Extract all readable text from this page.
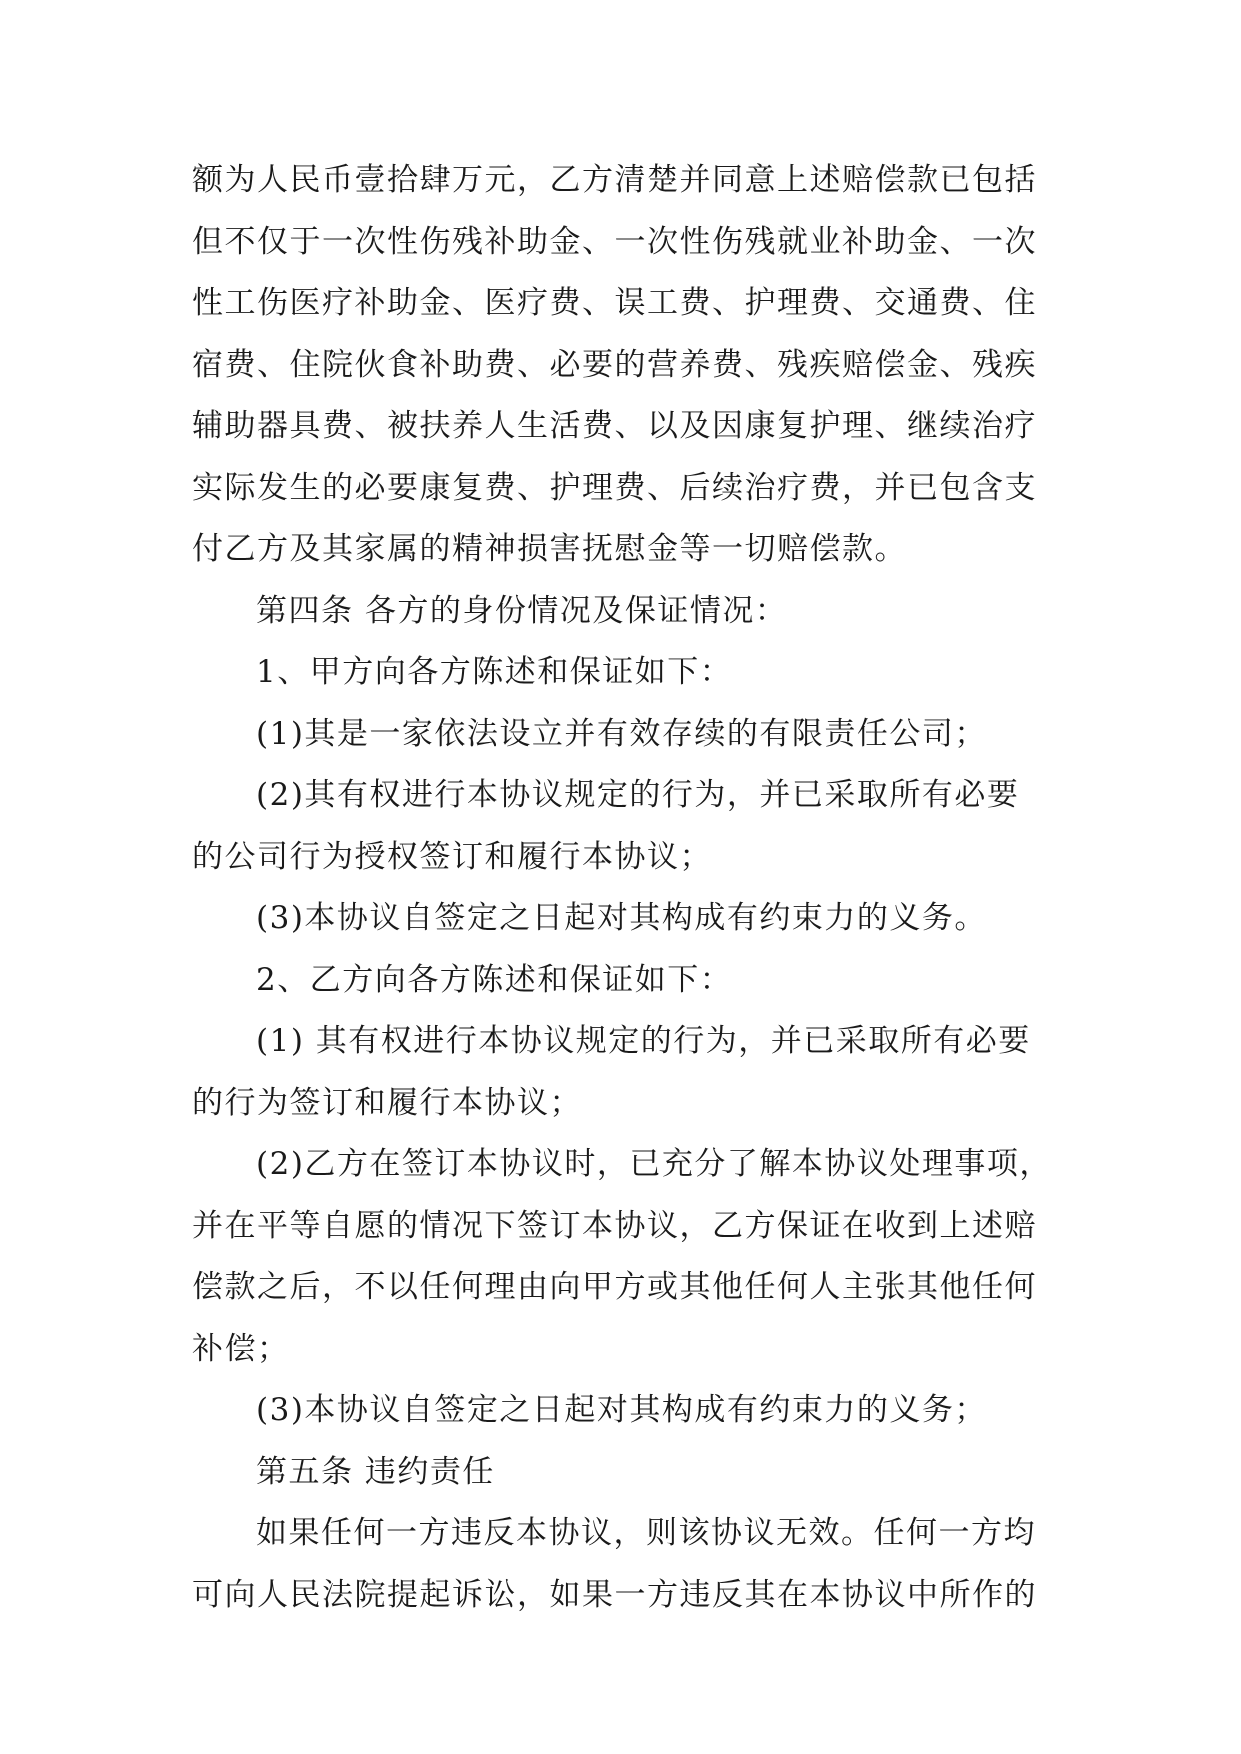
额为人民币壹拾肆万元，乙方清楚并同意上述赔偿款已包括
但不仅于一次性伤残补助金、一次性伤残就业补助金、一次
性工伤医疗补助金、医疗费、误工费、护理费、交通费、住
宿费、住院伙食补助费、必要的营养费、残疾赔偿金、残疾
辅助器具费、被扶养人生活费、以及因康复护理、继续治疗
实际发生的必要康复费、护理费、后续治疗费，并已包含支
付乙方及其家属的精神损害抚慰金等一切赔偿款。
第四条 各方的身份情况及保证情况：
1、甲方向各方陈述和保证如下：
(1)其是一家依法设立并有效存续的有限责任公司；
(2)其有权进行本协议规定的行为，并已采取所有必要
的公司行为授权签订和履行本协议；
(3)本协议自签定之日起对其构成有约束力的义务。
2、乙方向各方陈述和保证如下：
(1) 其有权进行本协议规定的行为，并已采取所有必要
的行为签订和履行本协议；
(2)乙方在签订本协议时，已充分了解本协议处理事项，
并在平等自愿的情况下签订本协议，乙方保证在收到上述赔
偿款之后，不以任何理由向甲方或其他任何人主张其他任何
补偿；
(3)本协议自签定之日起对其构成有约束力的义务；
第五条 违约责任
如果任何一方违反本协议，则该协议无效。任何一方均
可向人民法院提起诉讼，如果一方违反其在本协议中所作的
